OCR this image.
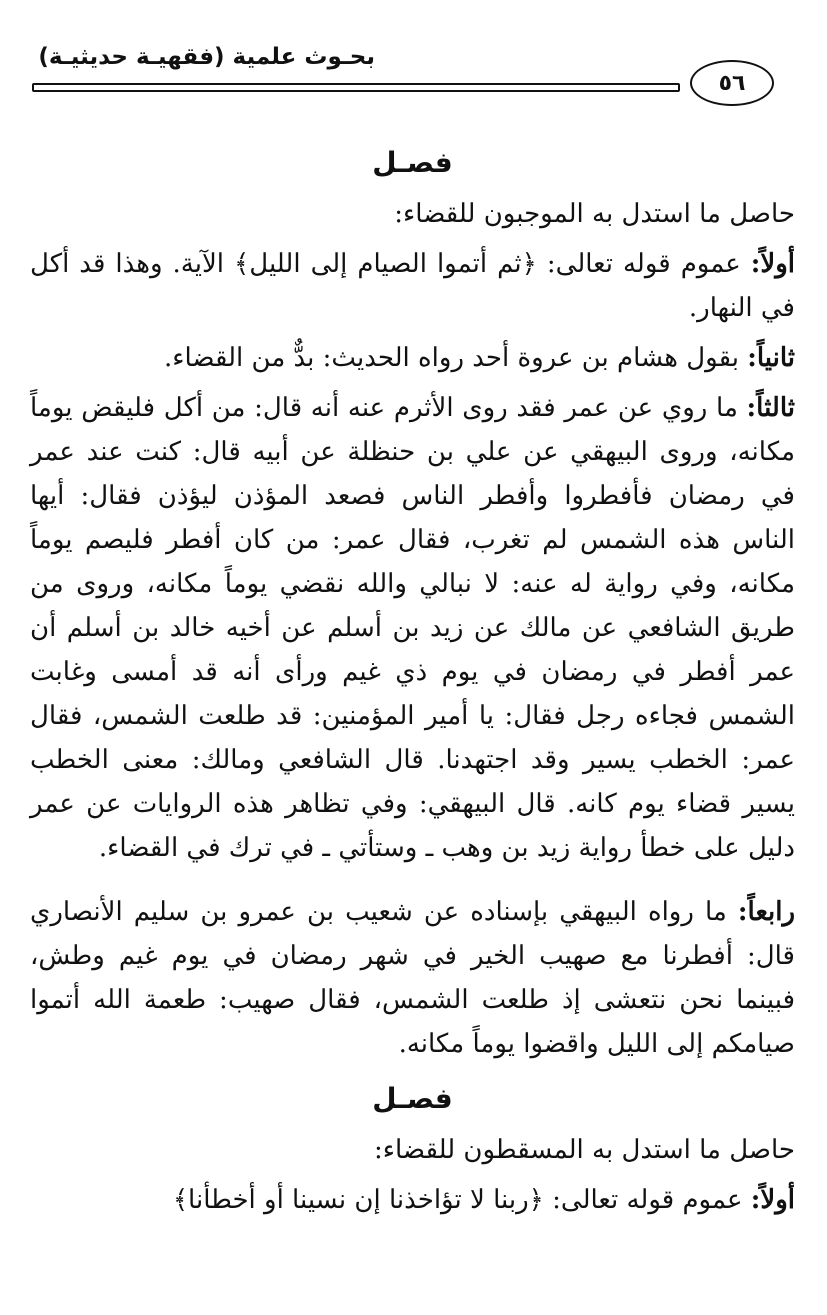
بحـوث علمية (فقهيـة حديثيـة)
٥٦
فصـل

حاصل ما استدل به الموجبون للقضاء:

أولاً: عموم قوله تعالى: ﴿ثم أتموا الصيام إلى الليل﴾ الآية. وهذا قد أكل في النهار.

ثانياً: بقول هشام بن عروة أحد رواه الحديث: بدٌّ من القضاء.

ثالثاً: ما روي عن عمر فقد روى الأثرم عنه أنه قال: من أكل فليقض يوماً مكانه، وروى البيهقي عن علي بن حنظلة عن أبيه قال: كنت عند عمر في رمضان فأفطروا وأفطر الناس فصعد المؤذن ليؤذن فقال: أيها الناس هذه الشمس لم تغرب، فقال عمر: من كان أفطر فليصم يوماً مكانه، وفي رواية له عنه: لا نبالي والله نقضي يوماً مكانه، وروى من طريق الشافعي عن مالك عن زيد بن أسلم عن أخيه خالد بن أسلم أن عمر أفطر في رمضان في يوم ذي غيم ورأى أنه قد أمسى وغابت الشمس فجاءه رجل فقال: يا أمير المؤمنين: قد طلعت الشمس، فقال عمر: الخطب يسير وقد اجتهدنا. قال الشافعي ومالك: معنى الخطب يسير قضاء يوم كانه. قال البيهقي: وفي تظاهر هذه الروايات عن عمر دليل على خطأ رواية زيد بن وهب ـ وستأتي ـ في ترك في القضاء.

رابعاً: ما رواه البيهقي بإسناده عن شعيب بن عمرو بن سليم الأنصاري قال: أفطرنا مع صهيب الخير في شهر رمضان في يوم غيم وطش، فبينما نحن نتعشى إذ طلعت الشمس، فقال صهيب: طعمة الله أتموا صيامكم إلى الليل واقضوا يوماً مكانه.

فصـل

حاصل ما استدل به المسقطون للقضاء:

أولاً: عموم قوله تعالى: ﴿ربنا لا تؤاخذنا إن نسينا أو أخطأنا﴾
